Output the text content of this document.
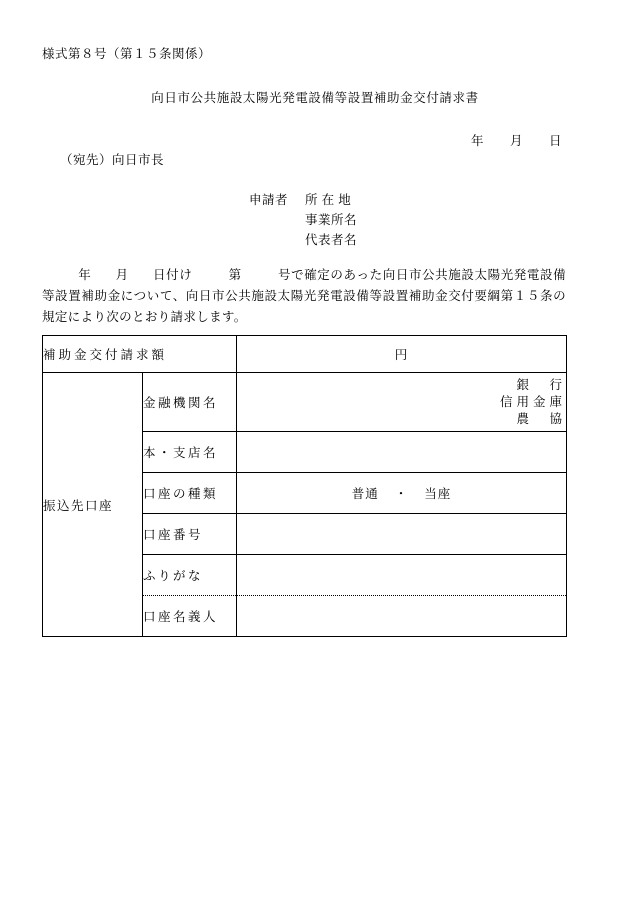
様式第８号（第１５条関係）
向日市公共施設太陽光発電設備等設置補助金交付請求書
年 月 日
（宛先）向日市長
申請者 所 在 地
事業所名
代表者名
年 月 日付け	第	号で確定のあった向日市公共施設太陽光発電設備等設置補助金について、向日市公共施設太陽光発電設備等設置補助金交付要綱第１５条の規定により次のとおり請求します。
補助金交付請求額		円
振込先口座	金融機関名	銀　行
信用金庫
農　協

	本・支店名	
	口座の種類	普通 ・ 当座
	口座番号	
	ふりがな	
	口座名義人	
